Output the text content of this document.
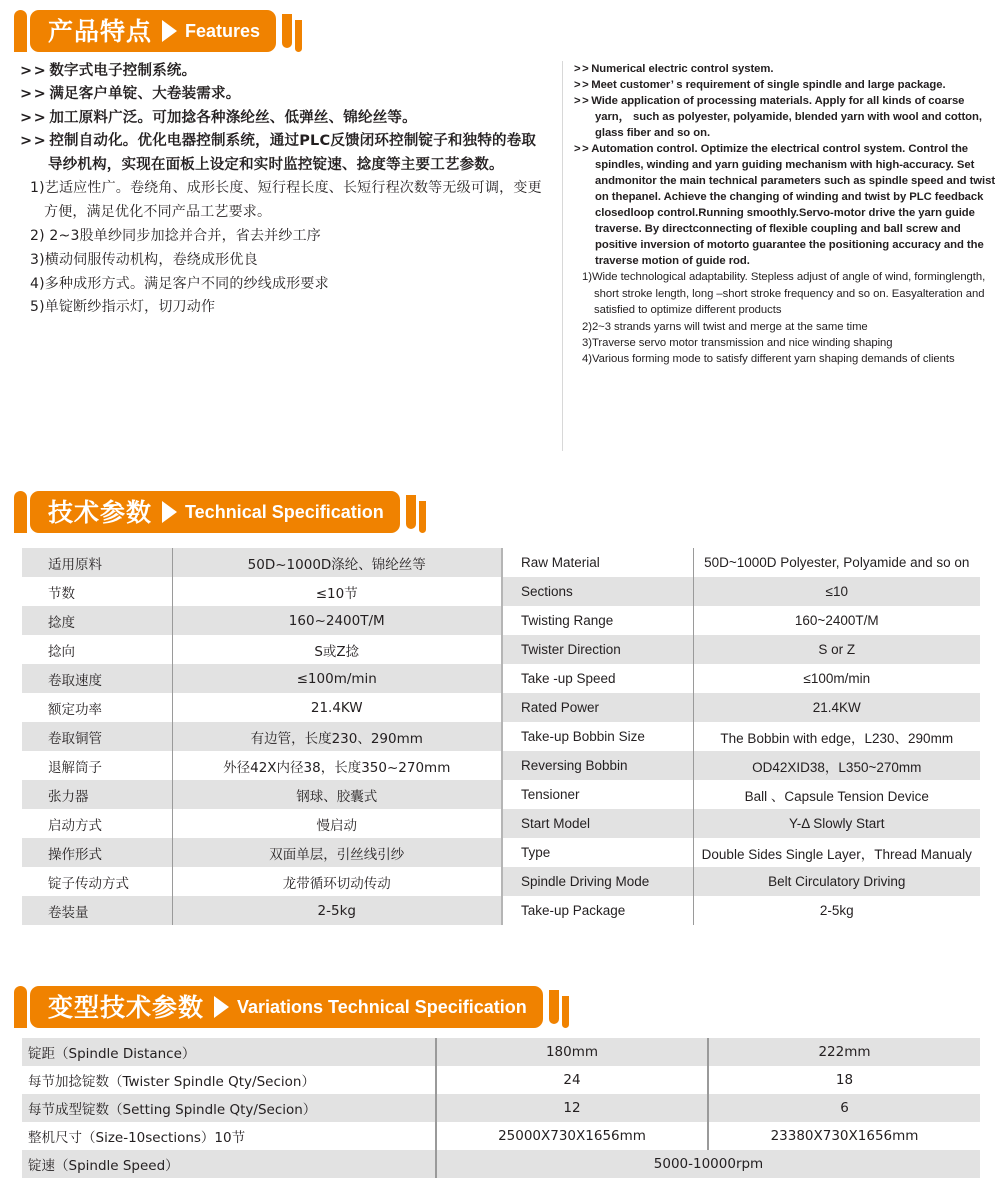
产品特点 Features
>> 数字式电子控制系统。
>> 满足客户单锭、大卷装需求。
>> 加工原料广泛。可加捻各种涤纶丝、低弹丝、锦纶丝等。
>> 控制自动化。优化电器控制系统，通过PLC反馈闭环控制锭子和独特的卷取导纱机构，实现在面板上设定和实时监控锭速、捻度等主要工艺参数。
1)艺适应性广。卷绕角、成形长度、短行程长度、长短行程次数等无级可调，变更方便，满足优化不同产品工艺要求。
2) 2~3股单纱同步加捻并合并，省去并纱工序
3)横动伺服传动机构，卷绕成形优良
4)多种成形方式。满足客户不同的纱线成形要求
5)单锭断纱指示灯，切刀动作
>>Numerical electric control system.
>>Meet customer’ s requirement of single spindle and large package.
>>Wide application of processing materials. Apply for all kinds of coarse yarn， such as polyester, polyamide, blended yarn with wool and cotton, glass fiber and so on.
>>Automation control. Optimize the electrical control system. Control the spindles, winding and yarn guiding mechanism with high-accuracy. Set andmonitor the main technical parameters such as spindle speed and twist on thepanel. Achieve the changing of winding and twist by PLC feedback closedloop control.Running smoothly.Servo-motor drive the yarn guide traverse. By directconnecting of flexible coupling and ball screw and positive inversion of motorto guarantee the positioning accuracy and the traverse motion of guide rod.
1)Wide technological adaptability. Stepless adjust of angle of wind, forminglength, short stroke length, long –short stroke frequency and so on. Easyalteration and satisfied to optimize different products
2)2~3 strands yarns will twist and merge at the same time
3)Traverse servo motor transmission and nice winding shaping
4)Various forming mode to satisfy different yarn shaping demands of clients
技术参数 Technical Specification
适用原料	50D~1000D涤纶、锦纶丝等
节数	≤10节
捻度	160~2400T/M
捻向	S或Z捻
卷取速度	≤100m/min
额定功率	21.4KW
卷取铜管	有边管，长度230、290mm
退解筒子	外径42X内径38，长度350~270mm
张力器	钢球、胶囊式
启动方式	慢启动
操作形式	双面单层，引丝线引纱
锭子传动方式	龙带循环切动传动
卷装量	2-5kg
Raw Material	50D~1000D Polyester, Polyamide and so on
Sections	≤10
Twisting Range	160~2400T/M
Twister Direction	S or Z
Take -up Speed	≤100m/min
Rated Power	21.4KW
Take-up Bobbin Size	The Bobbin with edge，L230、290mm
Reversing Bobbin	OD42XID38，L350~270mm
Tensioner	Ball 、Capsule Tension Device
Start Model	Y-Δ Slowly Start
Type	Double Sides Single Layer，Thread Manualy
Spindle Driving Mode	Belt Circulatory Driving
Take-up Package	2-5kg
变型技术参数 Variations Technical Specification
锭距（Spindle Distance）	180mm	222mm
每节加捻锭数（Twister Spindle Qty/Secion）	24	18
每节成型锭数（Setting Spindle Qty/Secion）	12	6
整机尺寸（Size-10sections）10节	25000X730X1656mm	23380X730X1656mm
锭速（Spindle Speed）	5000-10000rpm	
